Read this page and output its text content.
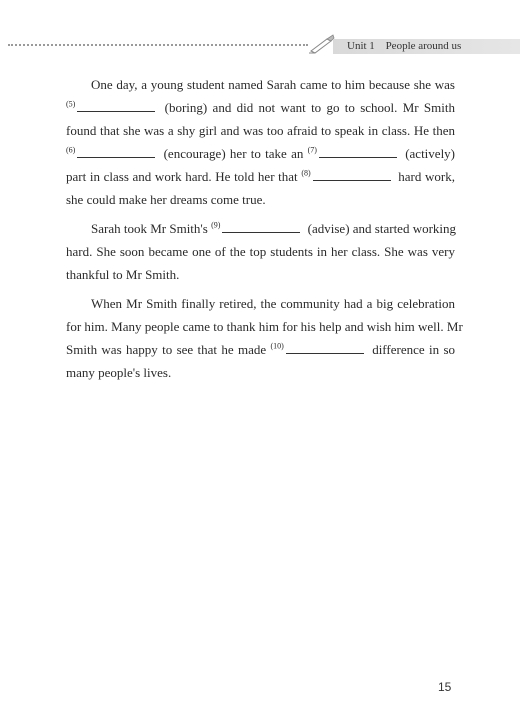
Unit 1 People around us
One day, a young student named Sarah came to him because she was
$^{(5)}$	(boring) and did not want to go to school. Mr Smith
found that she was a shy girl and was too afraid to speak in class. He then
$^{(6)}$	(encourage) her to take an $^{(7)}$	(actively)
part in class and work hard. He told her that $^{(8)}$	hard work,
she could make her dreams come true.
Sarah took Mr Smith's $^{(9)}$	(advise) and started working
hard. She soon became one of the top students in her class. She was very
thankful to Mr Smith.
When Mr Smith finally retired, the community had a big celebration
for him. Many people came to thank him for his help and wish him well. Mr
Smith was happy to see that he made $^{(10)}$	difference in so
many people's lives.
15
